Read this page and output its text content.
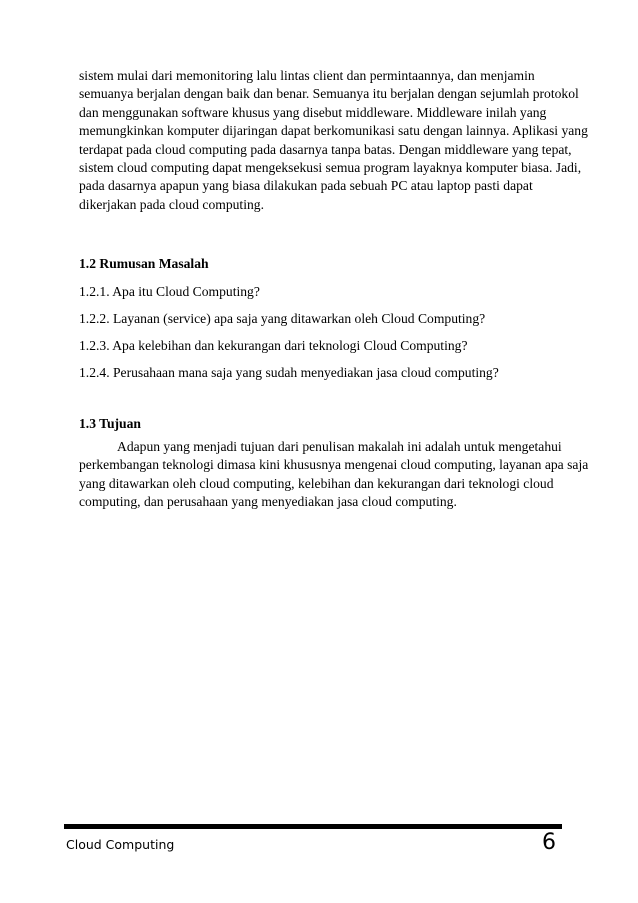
sistem mulai dari memonitoring lalu lintas client dan permintaannya, dan menjamin
semuanya berjalan dengan baik dan benar. Semuanya itu berjalan dengan sejumlah protokol
dan menggunakan software khusus yang disebut middleware. Middleware inilah yang
memungkinkan komputer dijaringan dapat berkomunikasi satu dengan lainnya. Aplikasi yang
terdapat pada cloud computing pada dasarnya tanpa batas. Dengan middleware yang tepat,
sistem cloud computing dapat mengeksekusi semua program layaknya komputer biasa. Jadi,
pada dasarnya apapun yang biasa dilakukan pada sebuah PC atau laptop pasti dapat
dikerjakan pada cloud computing.
1.2 Rumusan Masalah
1.2.1. Apa itu Cloud Computing?
1.2.2. Layanan (service) apa saja yang ditawarkan oleh Cloud Computing?
1.2.3. Apa kelebihan dan kekurangan dari teknologi Cloud Computing?
1.2.4. Perusahaan mana saja yang sudah menyediakan jasa cloud computing?
1.3 Tujuan
Adapun yang menjadi tujuan dari penulisan makalah ini adalah untuk mengetahui
perkembangan teknologi dimasa kini khususnya mengenai cloud computing, layanan apa saja
yang ditawarkan oleh cloud computing, kelebihan dan kekurangan dari teknologi cloud
computing, dan perusahaan yang menyediakan jasa cloud computing.
Cloud Computing	6
